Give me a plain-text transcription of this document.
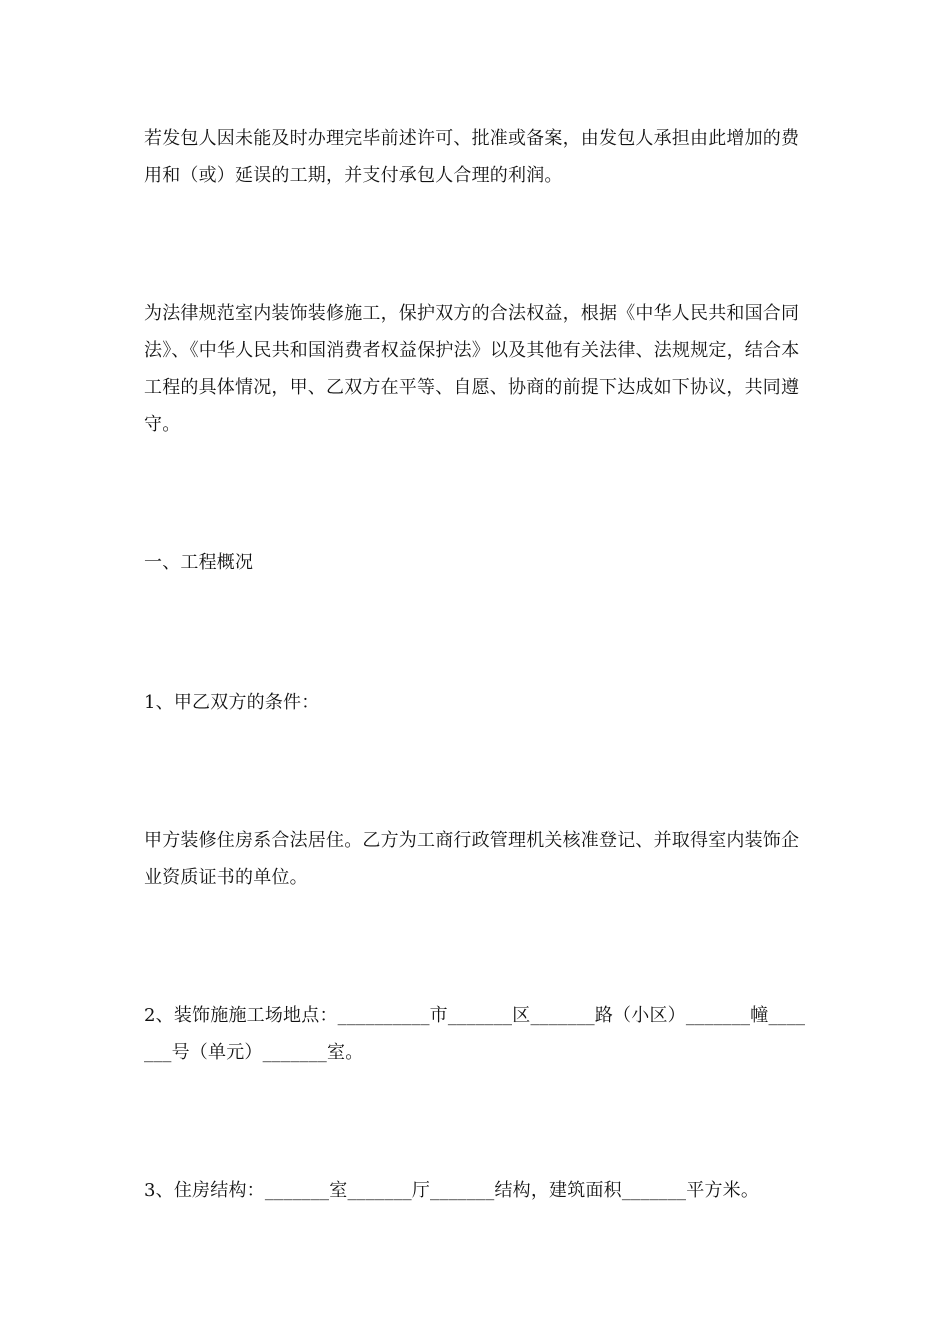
若发包人因未能及时办理完毕前述许可、批准或备案，由发包人承担由此增加的费用和（或）延误的工期，并支付承包人合理的利润。

为法律规范室内装饰装修施工，保护双方的合法权益，根据《中华人民共和国合同法》、《中华人民共和国消费者权益保护法》以及其他有关法律、法规规定，结合本工程的具体情况，甲、乙双方在平等、自愿、协商的前提下达成如下协议，共同遵守。

一、工程概况

1、甲乙双方的条件：

甲方装修住房系合法居住。乙方为工商行政管理机关核准登记、并取得室内装饰企业资质证书的单位。

2、装饰施施工场地点：__________市_______区_______路（小区）_______幢_______号（单元）_______室。

3、住房结构：_______室_______厅_______结构，建筑面积_______平方米。
